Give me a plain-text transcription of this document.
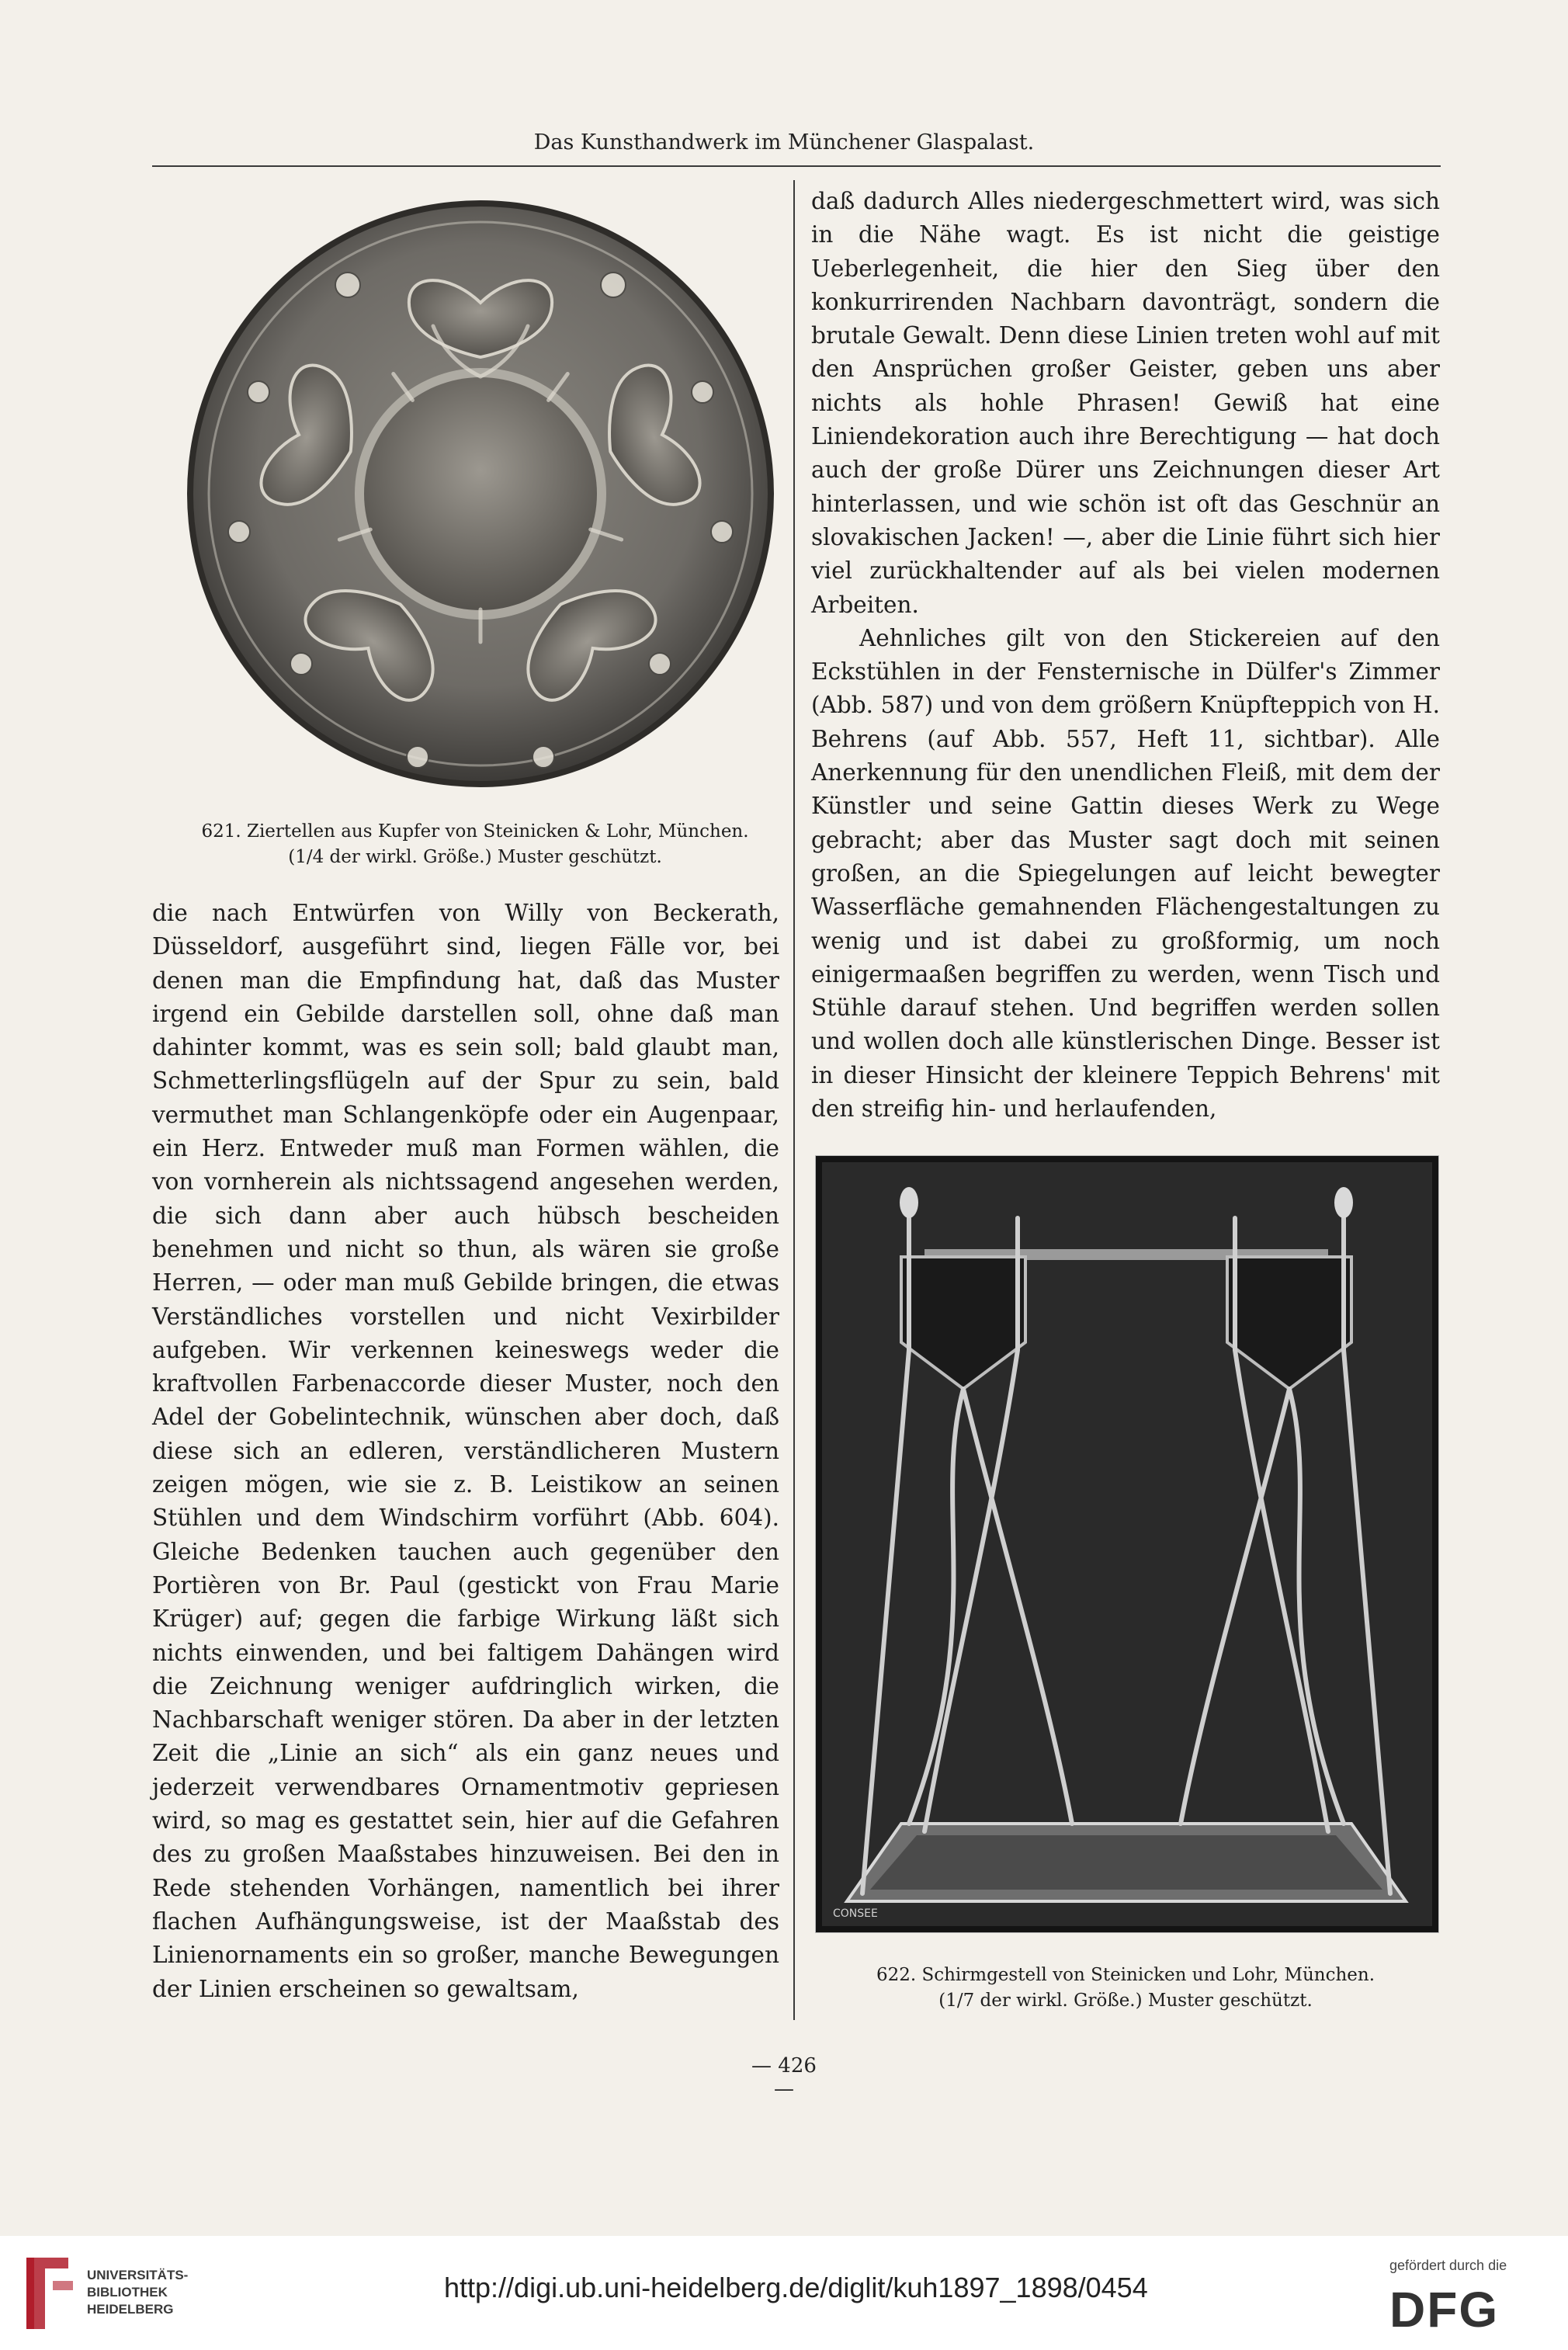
Das Kunsthandwerk im Münchener Glaspalast.
621. Ziertellen aus Kupfer von Steinicken & Lohr, München.
(1/4 der wirkl. Größe.) Muster geschützt.

die nach Entwürfen von Willy von Beckerath, Düsseldorf, ausgeführt sind, liegen Fälle vor, bei denen man die Empfindung hat, daß das Muster irgend ein Gebilde darstellen soll, ohne daß man dahinter kommt, was es sein soll; bald glaubt man, Schmetterlingsflügeln auf der Spur zu sein, bald vermuthet man Schlangenköpfe oder ein Augenpaar, ein Herz. Entweder muß man Formen wählen, die von vornherein als nichtssagend angesehen werden, die sich dann aber auch hübsch bescheiden benehmen und nicht so thun, als wären sie große Herren, — oder man muß Gebilde bringen, die etwas Verständliches vorstellen und nicht Vexirbilder aufgeben. Wir verkennen keineswegs weder die kraftvollen Farbenaccorde dieser Muster, noch den Adel der Gobelintechnik, wünschen aber doch, daß diese sich an edleren, verständlicheren Mustern zeigen mögen, wie sie z. B. Leistikow an seinen Stühlen und dem Windschirm vorführt (Abb. 604). Gleiche Bedenken tauchen auch gegenüber den Portièren von Br. Paul (gestickt von Frau Marie Krüger) auf; gegen die farbige Wirkung läßt sich nichts einwenden, und bei faltigem Dahängen wird die Zeichnung weniger aufdringlich wirken, die Nachbarschaft weniger stören. Da aber in der letzten Zeit die „Linie an sich“ als ein ganz neues und jederzeit verwendbares Ornamentmotiv gepriesen wird, so mag es gestattet sein, hier auf die Gefahren des zu großen Maaßstabes hinzuweisen. Bei den in Rede stehenden Vorhängen, namentlich bei ihrer flachen Aufhängungsweise, ist der Maaßstab des Linienornaments ein so großer, manche Bewegungen der Linien erscheinen so gewaltsam,

daß dadurch Alles niedergeschmettert wird, was sich in die Nähe wagt. Es ist nicht die geistige Ueberlegenheit, die hier den Sieg über den konkurrirenden Nachbarn davonträgt, sondern die brutale Gewalt. Denn diese Linien treten wohl auf mit den Ansprüchen großer Geister, geben uns aber nichts als hohle Phrasen! Gewiß hat eine Liniendekoration auch ihre Berechtigung — hat doch auch der große Dürer uns Zeichnungen dieser Art hinterlassen, und wie schön ist oft das Geschnür an slovakischen Jacken! —, aber die Linie führt sich hier viel zurückhaltender auf als bei vielen modernen Arbeiten.

Aehnliches gilt von den Stickereien auf den Eckstühlen in der Fensternische in Dülfer's Zimmer (Abb. 587) und von dem größern Knüpfteppich von H. Behrens (auf Abb. 557, Heft 11, sichtbar). Alle Anerkennung für den unendlichen Fleiß, mit dem der Künstler und seine Gattin dieses Werk zu Wege gebracht; aber das Muster sagt doch mit seinen großen, an die Spiegelungen auf leicht bewegter Wasserfläche gemahnenden Flächengestaltungen zu wenig und ist dabei zu großformig, um noch einigermaaßen begriffen zu werden, wenn Tisch und Stühle darauf stehen. Und begriffen werden sollen und wollen doch alle künstlerischen Dinge. Besser ist in dieser Hinsicht der kleinere Teppich Behrens' mit den streifig hin- und herlaufenden,

CONSEE
622. Schirmgestell von Steinicken und Lohr, München.
(1/7 der wirkl. Größe.) Muster geschützt.
— 426 —
UNIVERSITÄTS-
BIBLIOTHEK
HEIDELBERG
http://digi.ub.uni-heidelberg.de/diglit/kuh1897_1898/0454
gefördert durch die
DFG
